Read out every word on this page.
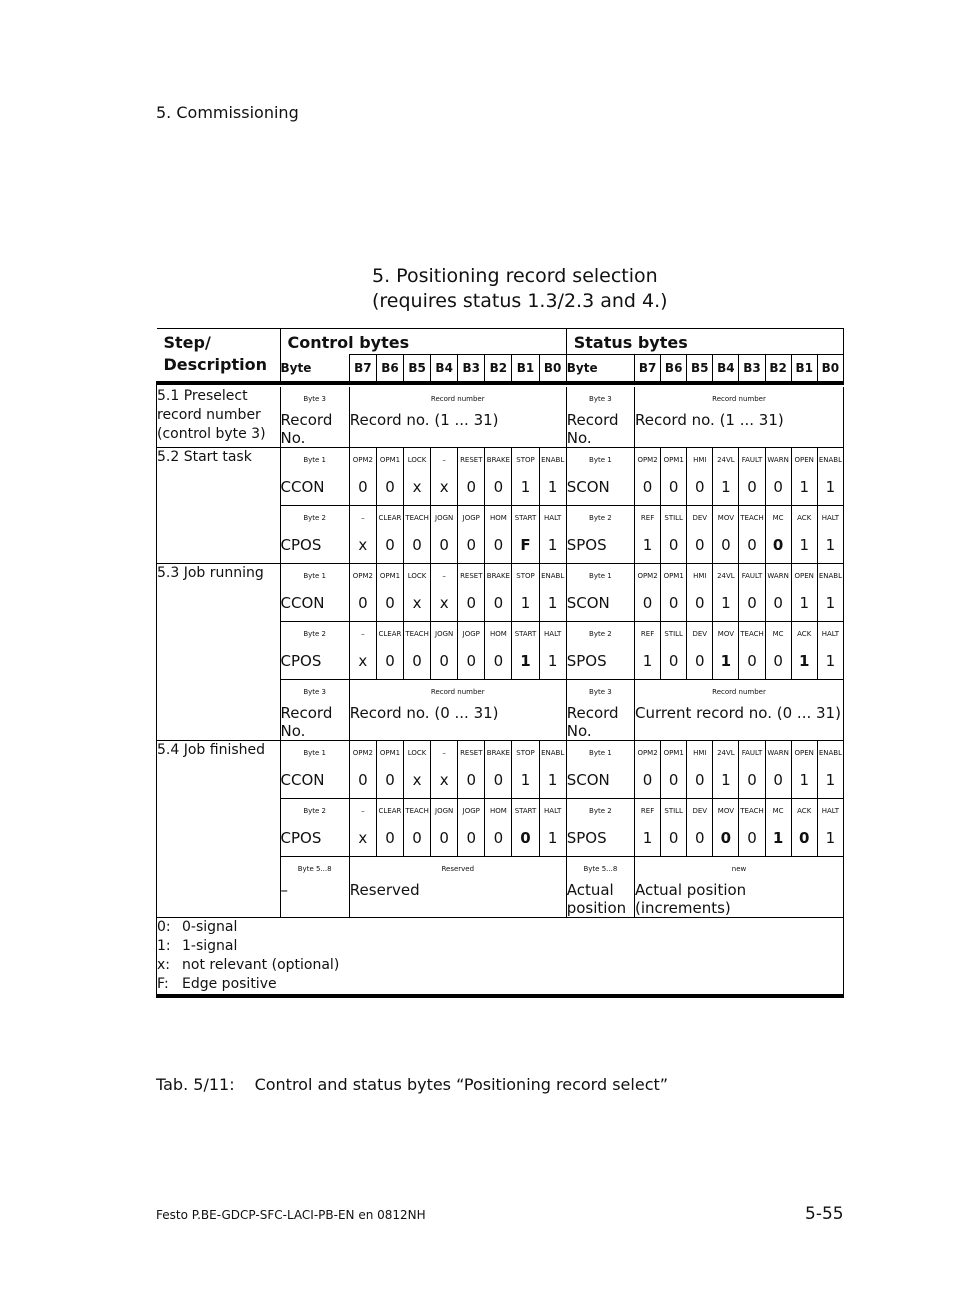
5. Commissioning
5. Positioning record selection
(requires status 1.3/2.3 and 4.)
Step/
Description	Control bytes									Status bytes								

	Byte	B7	B6	B5	B4	B3	B2	B1	B0	Byte	B7	B6	B5	B4	B3	B2	B1	B0

5.1 Preselect record number (control byte 3)	Byte 3	Record number								Byte 3	Record number							
	Record No.	Record no. (1 ... 31)								Record No.	Record no. (1 ... 31)							
5.2 Start task	Byte 1	OPM2	OPM1	LOCK	–	RESET	BRAKE	STOP	ENABL	Byte 1	OPM2	OPM1	HMI	24VL	FAULT	WARN	OPEN	ENABL
	CCON	0	0	x	x	0	0	1	1	SCON	0	0	0	1	0	0	1	1
	Byte 2	–	CLEAR	TEACH	JOGN	JOGP	HOM	START	HALT	Byte 2	REF	STILL	DEV	MOV	TEACH	MC	ACK	HALT
	CPOS	x	0	0	0	0	0	F	1	SPOS	1	0	0	0	0	0	1	1
5.3 Job running	Byte 1	OPM2	OPM1	LOCK	–	RESET	BRAKE	STOP	ENABL	Byte 1	OPM2	OPM1	HMI	24VL	FAULT	WARN	OPEN	ENABL
	CCON	0	0	x	x	0	0	1	1	SCON	0	0	0	1	0	0	1	1
	Byte 2	–	CLEAR	TEACH	JOGN	JOGP	HOM	START	HALT	Byte 2	REF	STILL	DEV	MOV	TEACH	MC	ACK	HALT
	CPOS	x	0	0	0	0	0	1	1	SPOS	1	0	0	1	0	0	1	1
	Byte 3	Record number								Byte 3	Record number							
	Record No.	Record no. (0 ... 31)								Record No.	Current record no. (0 ... 31)							
5.4 Job finished	Byte 1	OPM2	OPM1	LOCK	–	RESET	BRAKE	STOP	ENABL	Byte 1	OPM2	OPM1	HMI	24VL	FAULT	WARN	OPEN	ENABL
	CCON	0	0	x	x	0	0	1	1	SCON	0	0	0	1	0	0	1	1
	Byte 2	–	CLEAR	TEACH	JOGN	JOGP	HOM	START	HALT	Byte 2	REF	STILL	DEV	MOV	TEACH	MC	ACK	HALT
	CPOS	x	0	0	0	0	0	0	1	SPOS	1	0	0	0	0	1	0	1
	Byte 5...8	Reserved								Byte 5...8	new							
	–	Reserved								Actual position	Actual position (increments)							

0: 0-signal
1: 1-signal
x: not relevant (optional)
F: Edge positive																		
Tab. 5/11: Control and status bytes “Positioning record select”
Festo P.BE-GDCP-SFC-LACI-PB-EN en 0812NH	5-55
